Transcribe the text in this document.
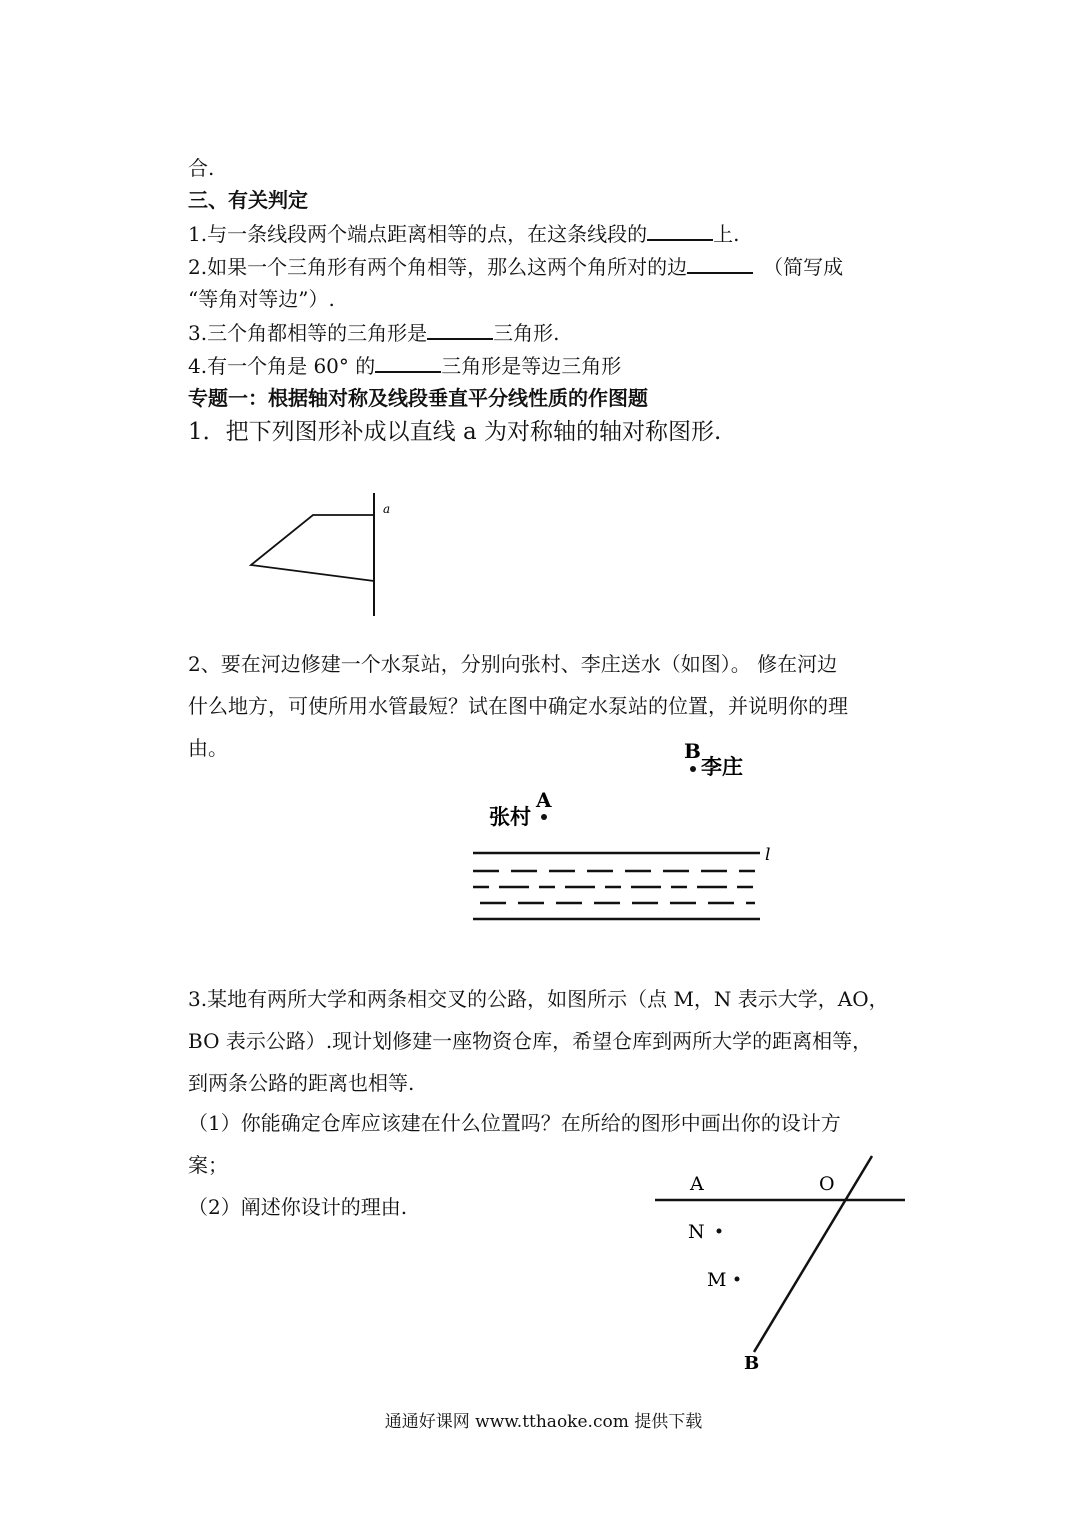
合.
三、有关判定
1.与一条线段两个端点距离相等的点，在这条线段的	上.
2.如果一个三角形有两个角相等，那么这两个角所对的边	（简写成
“等角对等边”）.
3.三个角都相等的三角形是	三角形.
4.有一个角是 60° 的	三角形是等边三角形
专题一：根据轴对称及线段垂直平分线性质的作图题
1．把下列图形补成以直线 a 为对称轴的轴对称图形.
a
2、要在河边修建一个水泵站，分别向张村、李庄送水（如图）。 修在河边
什么地方，可使所用水管最短？试在图中确定水泵站的位置，并说明你的理
由。	B
李庄
A
张村
l
3.某地有两所大学和两条相交叉的公路，如图所示（点 M，N 表示大学，AO，
BO 表示公路）.现计划修建一座物资仓库，希望仓库到两所大学的距离相等，
到两条公路的距离也相等.
（1）你能确定仓库应该建在什么位置吗？在所给的图形中画出你的设计方
案；
（2）阐述你设计的理由.
A	O
N
M
B
通通好课网 www.tthaoke.com 提供下载
